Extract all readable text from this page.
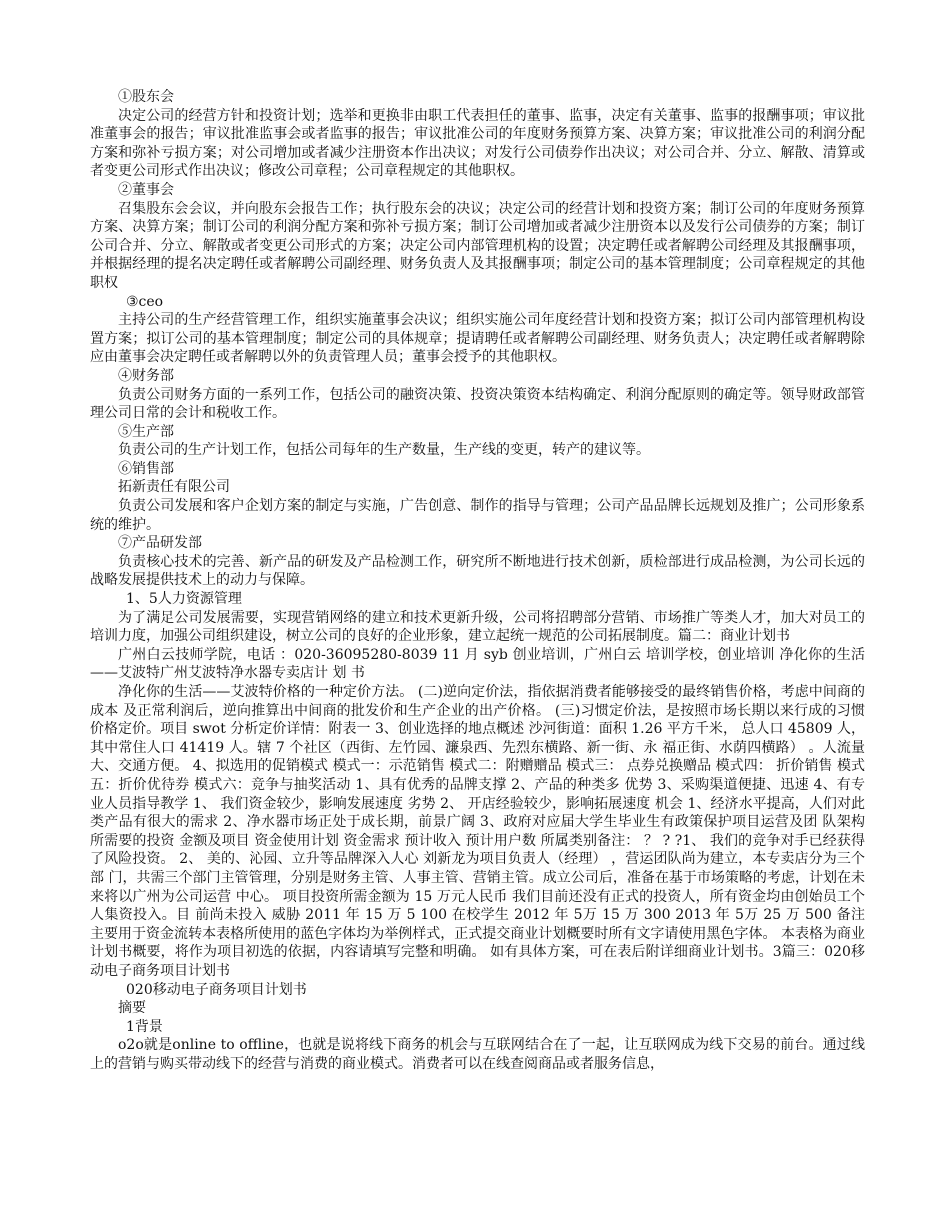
①股东会

决定公司的经营方针和投资计划；选举和更换非由职工代表担任的董事、监事，决定有关董事、监事的报酬事项；审议批准董事会的报告；审议批准监事会或者监事的报告；审议批准公司的年度财务预算方案、决算方案；审议批准公司的利润分配方案和弥补亏损方案；对公司增加或者减少注册资本作出决议；对发行公司债券作出决议；对公司合并、分立、解散、清算或者变更公司形式作出决议；修改公司章程；公司章程规定的其他职权。

②董事会

召集股东会会议，并向股东会报告工作；执行股东会的决议；决定公司的经营计划和投资方案；制订公司的年度财务预算方案、决算方案；制订公司的利润分配方案和弥补亏损方案；制订公司增加或者减少注册资本以及发行公司债券的方案；制订公司合并、分立、解散或者变更公司形式的方案；决定公司内部管理机构的设置；决定聘任或者解聘公司经理及其报酬事项，并根据经理的提名决定聘任或者解聘公司副经理、财务负责人及其报酬事项；制定公司的基本管理制度；公司章程规定的其他职权

③ceo

主持公司的生产经营管理工作，组织实施董事会决议；组织实施公司年度经营计划和投资方案；拟订公司内部管理机构设置方案；拟订公司的基本管理制度；制定公司的具体规章；提请聘任或者解聘公司副经理、财务负责人；决定聘任或者解聘除应由董事会决定聘任或者解聘以外的负责管理人员；董事会授予的其他职权。

④财务部

负责公司财务方面的一系列工作，包括公司的融资决策、投资决策资本结构确定、利润分配原则的确定等。领导财政部管理公司日常的会计和税收工作。

⑤生产部

负责公司的生产计划工作，包括公司每年的生产数量，生产线的变更，转产的建议等。

⑥销售部

拓新责任有限公司

负责公司发展和客户企划方案的制定与实施，广告创意、制作的指导与管理；公司产品品牌长远规划及推广；公司形象系统的维护。

⑦产品研发部

负责核心技术的完善、新产品的研发及产品检测工作，研究所不断地进行技术创新，质检部进行成品检测，为公司长远的战略发展提供技术上的动力与保障。

1、5人力资源管理

为了满足公司发展需要，实现营销网络的建立和技术更新升级，公司将招聘部分营销、市场推广等类人才，加大对员工的培训力度，加强公司组织建设，树立公司的良好的企业形象，建立起统一规范的公司拓展制度。篇二：商业计划书

广州白云技师学院，电话 ：020-36095280-8039 11 月 syb 创业培训，广州白云 培训学校，创业培训 净化你的生活——艾波特广州艾波特净水器专卖店计 划 书

净化你的生活——艾波特价格的一种定价方法。 (二)逆向定价法，指依据消费者能够接受的最终销售价格，考虑中间商的成本 及正常利润后，逆向推算出中间商的批发价和生产企业的出产价格。 (三)习惯定价法，是按照市场长期以来行成的习惯价格定价。项目 swot 分析定价详情：附表一 3、创业选择的地点概述 沙河街道：面积 1.26 平方千米， 总人口 45809 人， 其中常住人口 41419 人。辖 7 个社区（西街、左竹园、濂泉西、先烈东横路、新一街、永 福正街、水荫四横路） 。人流量大、交通方便。 4、拟选用的促销模式 模式一：示范销售 模式二：附赠赠品 模式三： 点券兑换赠品 模式四： 折价销售 模式五：折价优待券 模式六：竞争与抽奖活动 1、具有优秀的品牌支撑 2、产品的种类多 优势 3、采购渠道便捷、迅速 4、有专业人员指导教学 1、 我们资金较少，影响发展速度 劣势 2、 开店经验较少，影响拓展速度 机会 1、经济水平提高，人们对此类产品有很大的需求 2、净水器市场正处于成长期，前景广阔 3、政府对应届大学生毕业生有政策保护项目运营及团 队架构 所需要的投资 金额及项目 资金使用计划 资金需求 预计收入 预计用户数 所属类别备注： ？ ? ?1、 我们的竞争对手已经获得了风险投资。 2、 美的、沁园、立升等品牌深入人心 刘新龙为项目负责人（经理） ，营运团队尚为建立，本专卖店分为三个部 门，共需三个部门主管管理，分别是财务主管、人事主管、营销主管。成立公司后，准备在基于市场策略的考虑，计划在未来将以广州为公司运营 中心。 项目投资所需金额为 15 万元人民币 我们目前还没有正式的投资人，所有资金均由创始员工个人集资投入。目 前尚未投入 威胁 2011 年 15 万 5 100 在校学生 2012 年 5万 15 万 300 2013 年 5万 25 万 500 备注 主要用于资金流转本表格所使用的蓝色字体均为举例样式，正式提交商业计划概要时所有文字请使用黑色字体。 本表格为商业计划书概要，将作为项目初选的依据，内容请填写完整和明确。 如有具体方案，可在表后附详细商业计划书。3篇三：020移动电子商务项目计划书

020移动电子商务项目计划书

摘要

1背景

o2o就是online to offline，也就是说将线下商务的机会与互联网结合在了一起，让互联网成为线下交易的前台。通过线上的营销与购买带动线下的经营与消费的商业模式。消费者可以在线查阅商品或者服务信息，
